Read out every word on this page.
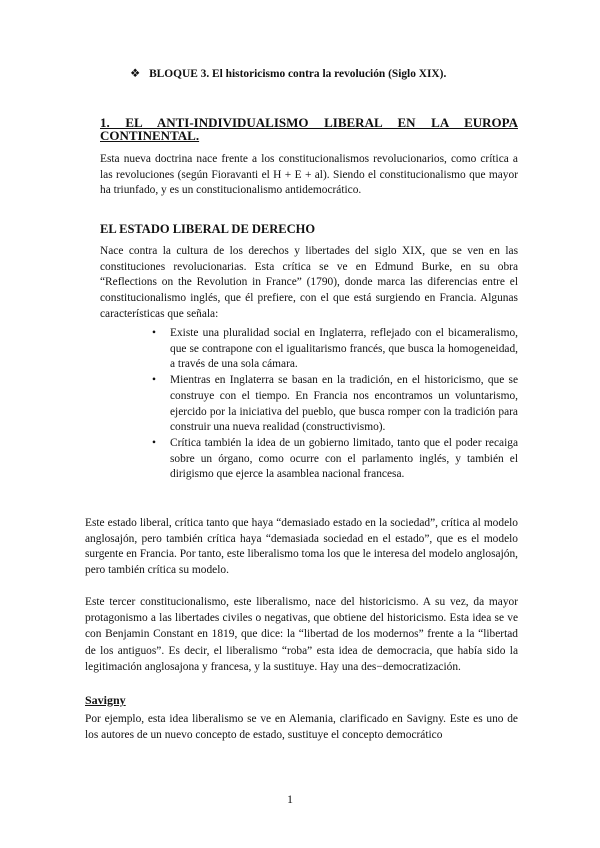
❖ BLOQUE 3. El historicismo contra la revolución (Siglo XIX).
1. EL ANTI-INDIVIDUALISMO LIBERAL EN LA EUROPA
CONTINENTAL.
Esta nueva doctrina nace frente a los constitucionalismos revolucionarios, como crítica a las revoluciones (según Fioravanti el H + E + al). Siendo el constitucionalismo que mayor ha triunfado, y es un constitucionalismo antidemocrático.
EL ESTADO LIBERAL DE DERECHO
Nace contra la cultura de los derechos y libertades del siglo XIX, que se ven en las constituciones revolucionarias. Esta crítica se ve en Edmund Burke, en su obra “Reflections on the Revolution in France” (1790), donde marca las diferencias entre el constitucionalismo inglés, que él prefiere, con el que está surgiendo en Francia. Algunas características que señala:
• Existe una pluralidad social en Inglaterra, reflejado con el bicameralismo, que se contrapone con el igualitarismo francés, que busca la homogeneidad, a través de una sola cámara.
• Mientras en Inglaterra se basan en la tradición, en el historicismo, que se construye con el tiempo. En Francia nos encontramos un voluntarismo, ejercido por la iniciativa del pueblo, que busca romper con la tradición para construir una nueva realidad (constructivismo).
• Crítica también la idea de un gobierno limitado, tanto que el poder recaiga sobre un órgano, como ocurre con el parlamento inglés, y también el dirigismo que ejerce la asamblea nacional francesa.
Este estado liberal, crítica tanto que haya “demasiado estado en la sociedad”, crítica al modelo anglosajón, pero también crítica haya “demasiada sociedad en el estado”, que es el modelo surgente en Francia. Por tanto, este liberalismo toma los que le interesa del modelo anglosajón, pero también crítica su modelo.
Este tercer constitucionalismo, este liberalismo, nace del historicismo. A su vez, da mayor protagonismo a las libertades civiles o negativas, que obtiene del historicismo. Esta idea se ve con Benjamin Constant en 1819, que dice: la “libertad de los modernos” frente a la “libertad de los antiguos”. Es decir, el liberalismo “roba” esta idea de democracia, que había sido la legitimación anglosajona y francesa, y la sustituye. Hay una des−democratización.
Savigny
Por ejemplo, esta idea liberalismo se ve en Alemania, clarificado en Savigny. Este es uno de los autores de un nuevo concepto de estado, sustituye el concepto democrático
1
